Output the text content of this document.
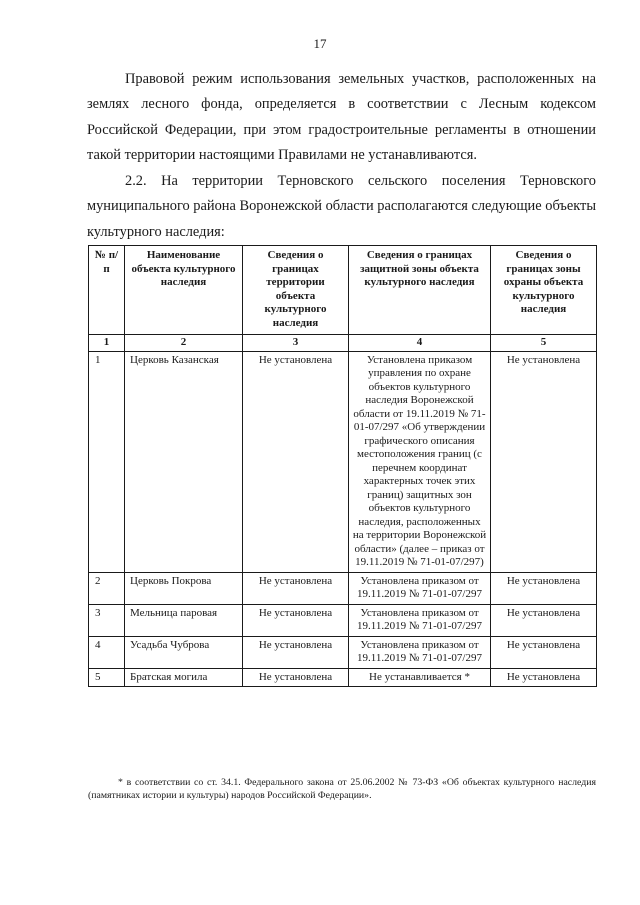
17

Правовой режим использования земельных участков, расположенных на землях лесного фонда, определяется в соответствии с Лесным кодексом Российской Федерации, при этом градостроительные регламенты в отношении такой территории настоящими Правилами не устанавливаются.

2.2. На территории Терновского сельского поселения Терновского муниципального района Воронежской области располагаются следующие объекты культурного наследия:

№ п/п	Наименование объекта культурного наследия	Сведения о границах территории объекта культурного наследия	Сведения о границах защитной зоны объекта культурного наследия	Сведения о границах зоны охраны объекта культурного наследия
1	2	3	4	5
1	Церковь Казанская	Не установлена	Установлена приказом управления по охране объектов культурного наследия Воронежской области от 19.11.2019 № 71-01-07/297 «Об утверждении графического описания местоположения границ (с перечнем координат характерных точек этих границ) защитных зон объектов культурного наследия, расположенных на территории Воронежской области» (далее – приказ от 19.11.2019 № 71-01-07/297)	Не установлена
2	Церковь Покрова	Не установлена	Установлена приказом от 19.11.2019 № 71-01-07/297	Не установлена
3	Мельница паровая	Не установлена	Установлена приказом от 19.11.2019 № 71-01-07/297	Не установлена
4	Усадьба Чуброва	Не установлена	Установлена приказом от 19.11.2019 № 71-01-07/297	Не установлена
5	Братская могила	Не установлена	Не устанавливается *	Не установлена

* в соответствии со ст. 34.1. Федерального закона от 25.06.2002 № 73-ФЗ «Об объектах культурного наследия (памятниках истории и культуры) народов Российской Федерации».
